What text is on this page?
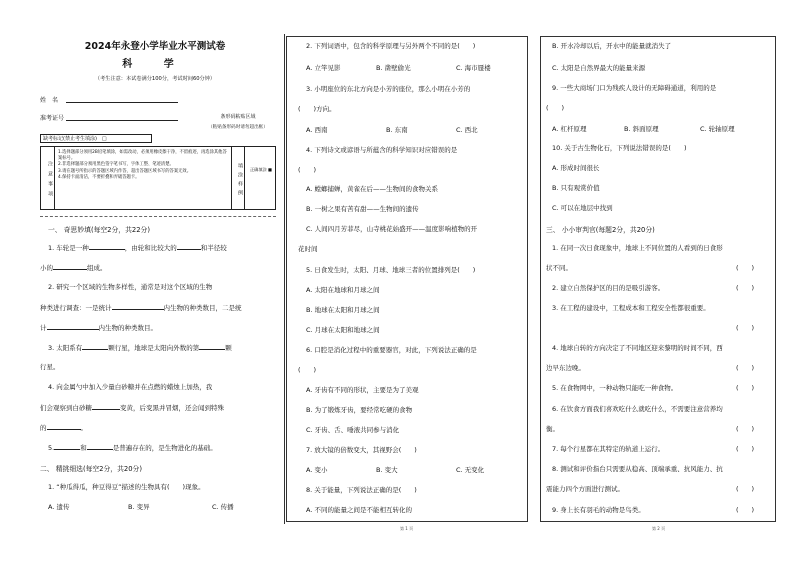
2024年永登小学毕业水平测试卷
科 学
（考生注意：本试卷满分100分，考试时间60分钟）
姓　名
准考证号	条形码粘贴区域
（粘贴条形码时请勿超出框）
缺考标记(禁止考生填涂)　□
注意事项
1.选择题部分须用2B铅笔填涂，如需改动，必须用橡皮擦干净，不留痕迹，再选涂其他答案标号。
2.非选择题部分须用黑色签字笔书写，字体工整、笔迹清楚。
3.请在题号所指示的答题区域内作答，超出答题区域书写的答案无效。
4.保持卡面清洁，不要折叠和弄破答题卡。	填涂样例	正确填涂 ■
一、 奇思妙填(每空2分，共22分)
1. 车轮是一种	，由轮和比较大的	和半径较
小的	组成。
2. 研究一个区域的生物多样性，通常是对这个区域的生物
种类进行调查：一是统计	内生物的种类数目，二是统
计	内生物的种类数目。
3. 太阳系有	颗行星，地球是太阳向外数的第	颗
行星。
4. 向金属勺中加入少量白砂糖并在点燃的蜡烛上加热，我
们会观察到白砂糖	变黄，后变黑并冒烟，还会闻到特殊
的	。
5.	和	是普遍存在的，是生物进化的基础。
二、 精挑细选(每空2分，共20分)
1. “种瓜得瓜，种豆得豆”描述的生物具有(　　)现象。
A. 遗传	B. 变异	C. 传播
2. 下列词语中，包含的科学原理与另外两个不同的是(　　)
A. 立竿见影	B. 凿壁偷光	C. 海市蜃楼
3. 小明座位的东北方向是小芳的座位，那么小明在小芳的
(　　)方向。
A. 西南	B. 东南	C. 西北
4. 下列诗文或谚语与所蕴含的科学知识对应错误的是
(　　)
A. 螳螂捕蝉，黄雀在后——生物间的食物关系
B. 一树之果有苦有甜——生物间的遗传
C. 人间四月芳菲尽，山寺桃花始盛开——温度影响植物的开
花时间
5. 日食发生时，太阳、月球、地球三者的位置排列是(　　)
A. 太阳在地球和月球之间
B. 地球在太阳和月球之间
C. 月球在太阳和地球之间
6. 口腔是消化过程中的重要器官，对此，下列说法正确的是
(　　)
A. 牙齿有不同的形状，主要是为了美观
B. 为了锻炼牙齿，要经常吃硬的食物
C. 牙齿、舌、唾液共同参与消化
7. 放大镜的倍数变大，其视野会(　　)
A. 变小	B. 变大	C. 无变化
8. 关于能量，下列说法正确的是(　　)
A. 不同的能量之间是不能相互转化的
B. 开水冷却以后，开水中的能量就消失了
C. 太阳是自然界最大的能量来源
9. 一些大商场门口为残疾人设计的无障碍通道，利用的是
(　　)
A. 杠杆原理	B. 斜面原理	C. 轮轴原理
10. 关于古生物化石，下列说法错误的是(　　)
A. 形成时间很长
B. 只有观赏价值
C. 可以在地层中找到
三、 小小审判官(每题2分，共20分)
1. 在同一次日食现象中，地球上不同位置的人看到的日食形
状不同。	(　　)
2. 建立自然保护区的目的是吸引游客。	(　　)
3. 在工程的建设中，工程成本和工程安全性都很重要。
(　　)
4. 地球自转的方向决定了不同地区迎来黎明的时间不同，西
边早东边晚。	(　　)
5. 在食物网中，一种动物只能吃一种食物。	(　　)
6. 在饮食方面我们喜欢吃什么就吃什么，不需要注意营养均
衡。	(　　)
7. 每个行星都在其特定的轨道上运行。	(　　)
8. 测试和评价指台只需要从稳高、顶端承重、抗风能力、抗
震能力四个方面进行测试。	(　　)
9. 身上长有羽毛的动物是鸟类。	(　　)
第 1 页	第 2 页
